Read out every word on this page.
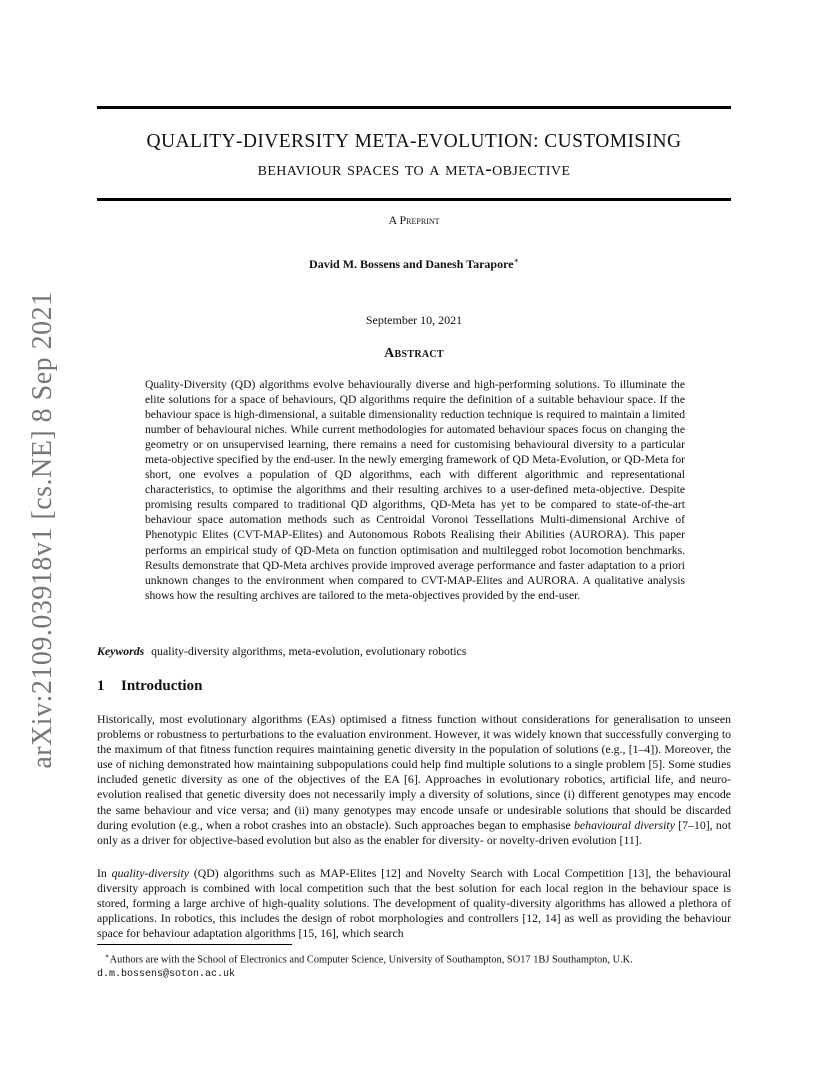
arXiv:2109.03918v1 [cs.NE] 8 Sep 2021
QUALITY-DIVERSITY META-EVOLUTION: CUSTOMISING
behaviour spaces to a meta-objective
A Preprint
David M. Bossens and Danesh Tarapore∗
September 10, 2021
Abstract

Quality-Diversity (QD) algorithms evolve behaviourally diverse and high-performing solutions. To illuminate the elite solutions for a space of behaviours, QD algorithms require the definition of a suitable behaviour space. If the behaviour space is high-dimensional, a suitable dimensionality reduction technique is required to maintain a limited number of behavioural niches. While current methodologies for automated behaviour spaces focus on changing the geometry or on unsupervised learning, there remains a need for customising behavioural diversity to a particular meta-objective specified by the end-user. In the newly emerging framework of QD Meta-Evolution, or QD-Meta for short, one evolves a population of QD algorithms, each with different algorithmic and representational characteristics, to optimise the algorithms and their resulting archives to a user-defined meta-objective. Despite promising results compared to traditional QD algorithms, QD-Meta has yet to be compared to state-of-the-art behaviour space automation methods such as Centroidal Voronoi Tessellations Multi-dimensional Archive of Phenotypic Elites (CVT-MAP-Elites) and Autonomous Robots Realising their Abilities (AURORA). This paper performs an empirical study of QD-Meta on function optimisation and multilegged robot locomotion benchmarks. Results demonstrate that QD-Meta archives provide improved average performance and faster adaptation to a priori unknown changes to the environment when compared to CVT-MAP-Elites and AURORA. A qualitative analysis shows how the resulting archives are tailored to the meta-objectives provided by the end-user.

Keywords quality-diversity algorithms, meta-evolution, evolutionary robotics
1 Introduction

Historically, most evolutionary algorithms (EAs) optimised a fitness function without considerations for generalisation to unseen problems or robustness to perturbations to the evaluation environment. However, it was widely known that successfully converging to the maximum of that fitness function requires maintaining genetic diversity in the population of solutions (e.g., [1–4]). Moreover, the use of niching demonstrated how maintaining subpopulations could help find multiple solutions to a single problem [5]. Some studies included genetic diversity as one of the objectives of the EA [6]. Approaches in evolutionary robotics, artificial life, and neuro-evolution realised that genetic diversity does not necessarily imply a diversity of solutions, since (i) different genotypes may encode the same behaviour and vice versa; and (ii) many genotypes may encode unsafe or undesirable solutions that should be discarded during evolution (e.g., when a robot crashes into an obstacle). Such approaches began to emphasise behavioural diversity [7–10], not only as a driver for objective-based evolution but also as the enabler for diversity- or novelty-driven evolution [11].

In quality-diversity (QD) algorithms such as MAP-Elites [12] and Novelty Search with Local Competition [13], the behavioural diversity approach is combined with local competition such that the best solution for each local region in the behaviour space is stored, forming a large archive of high-quality solutions. The development of quality-diversity algorithms has allowed a plethora of applications. In robotics, this includes the design of robot morphologies and controllers [12, 14] as well as providing the behaviour space for behaviour adaptation algorithms [15, 16], which search

∗Authors are with the School of Electronics and Computer Science, University of Southampton, SO17 1BJ Southampton, U.K.
d.m.bossens@soton.ac.uk
